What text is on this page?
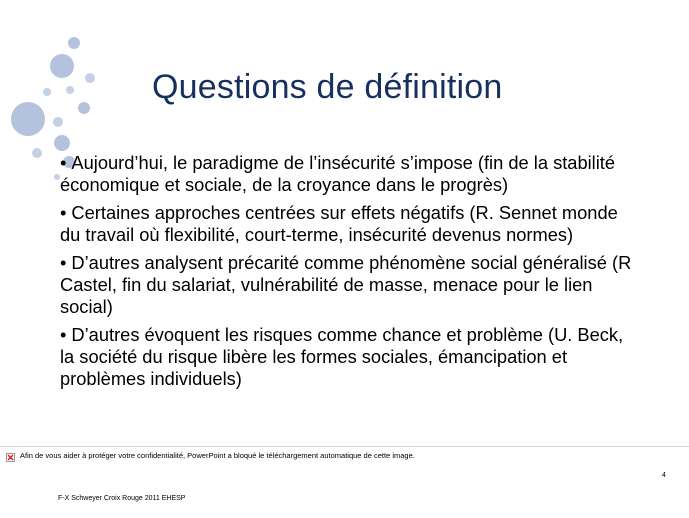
Questions de définition
• Aujourd’hui, le paradigme de l’insécurité s’impose (fin de la stabilité économique et sociale, de la croyance dans le progrès)
• Certaines approches centrées sur effets négatifs (R. Sennet monde du travail où flexibilité, court-terme, insécurité devenus normes)
• D’autres analysent précarité comme phénomène social généralisé (R Castel, fin du salariat, vulnérabilité de masse, menace pour le lien social)
• D’autres évoquent les risques comme chance et problème (U. Beck, la société du risque libère les formes sociales, émancipation et problèmes individuels)
Afin de vous aider à protéger votre confidentialité, PowerPoint a bloqué le téléchargement automatique de cette image.
4
F-X Schweyer Croix Rouge 2011 EHESP
